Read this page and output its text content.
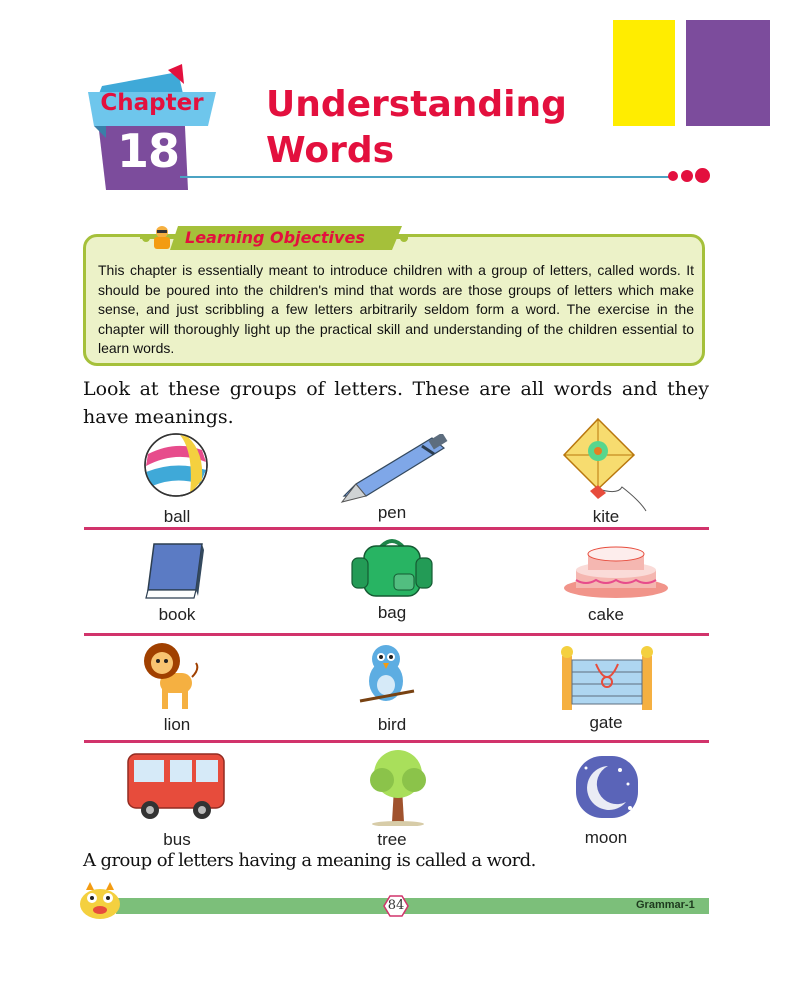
Chapter
18
Understanding
Words
Learning Objectives

This chapter is essentially meant to introduce children with a group of letters, called words. It should be poured into the children's mind that words are those groups of letters which make sense, and just scribbling a few letters arbitrarily seldom form a word. The exercise in the chapter will thoroughly light up the practical skill and understanding of the children essential to learn words.

Look at these groups of letters. These are all words and they have meanings.

ball	pen	kite
book	bag	cake
lion	bird	gate
bus	tree	moon
A group of letters having a meaning is called a word.
84	Grammar-1
